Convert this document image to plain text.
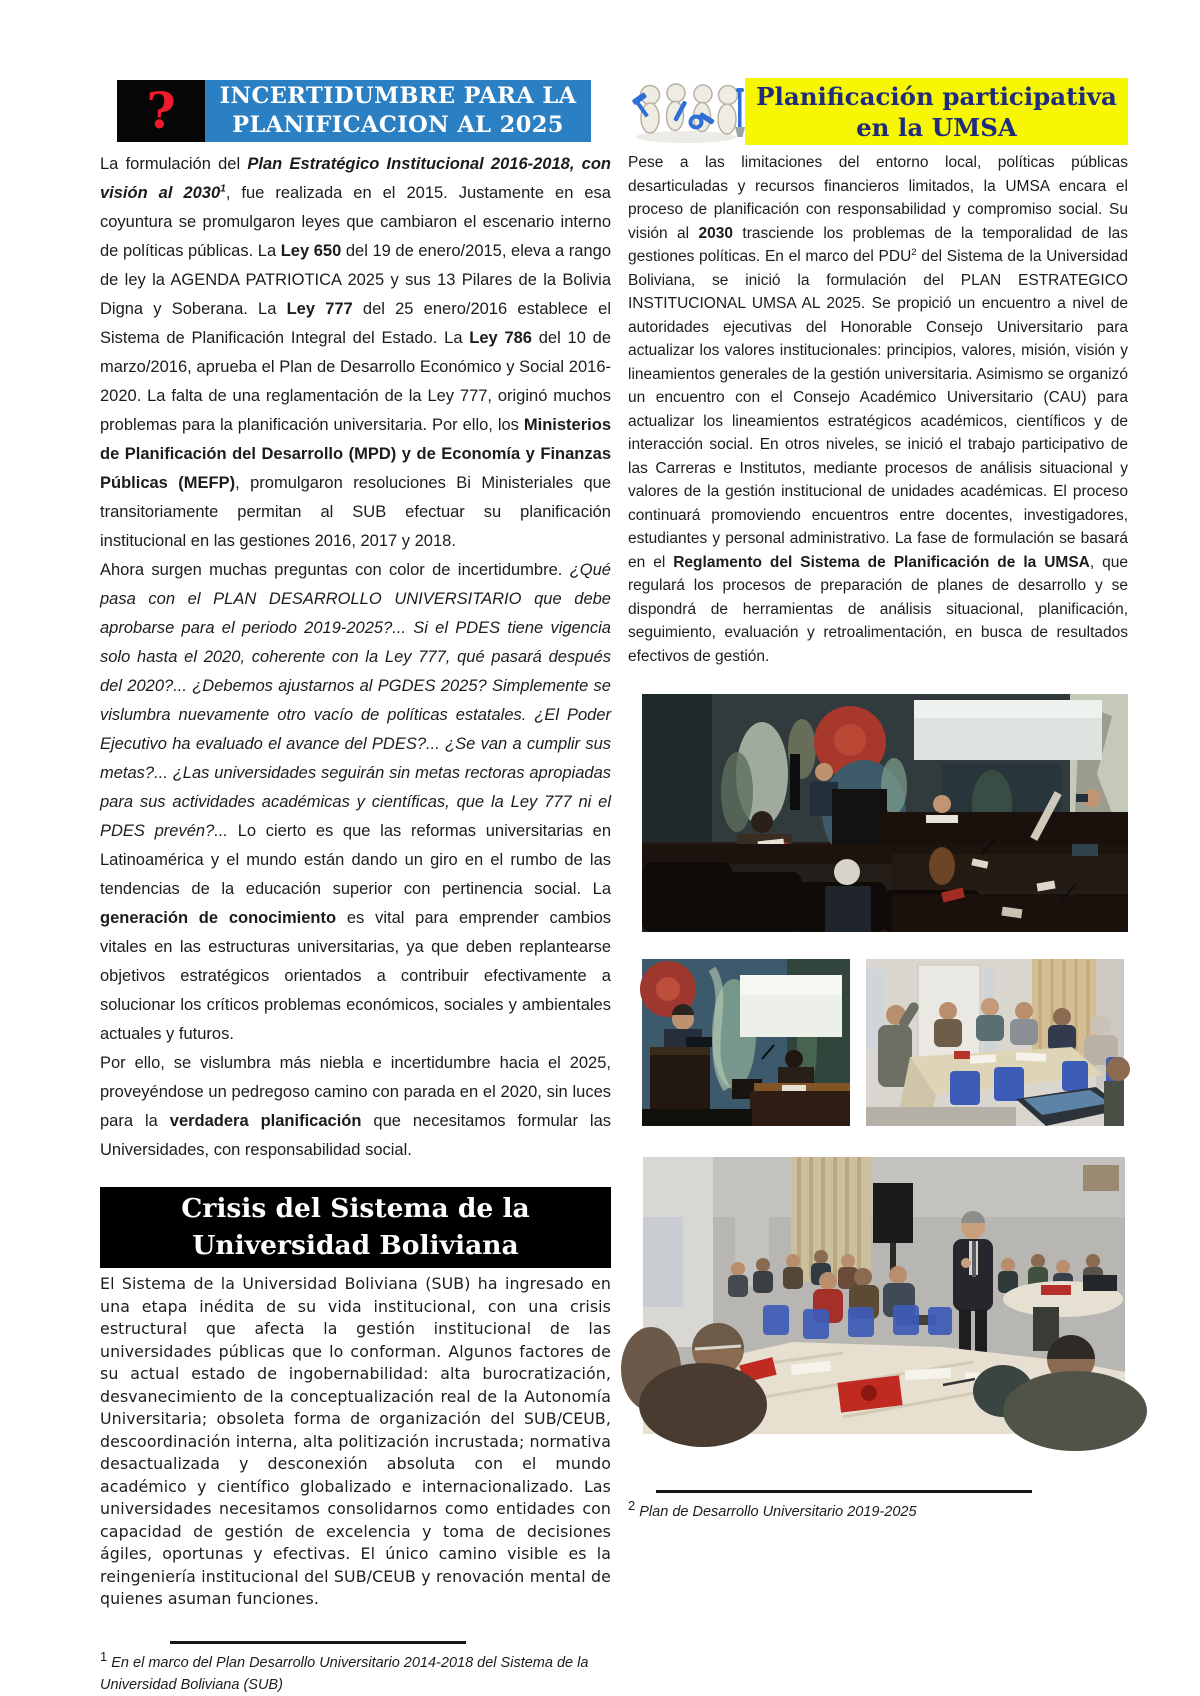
?	INCERTIDUMBRE PARA LA
PLANIFICACION AL 2025

La formulación del Plan Estratégico Institucional 2016-2018, con visión al 2030$^1$, fue realizada en el 2015. Justamente en esa coyuntura se promulgaron leyes que cambiaron el escenario interno de políticas públicas. La Ley 650 del 19 de enero/2015, eleva a rango de ley la AGENDA PATRIOTICA 2025 y sus 13 Pilares de la Bolivia Digna y Soberana. La Ley 777 del 25 enero/2016 establece el Sistema de Planificación Integral del Estado. La Ley 786 del 10 de marzo/2016, aprueba el Plan de Desarrollo Económico y Social 2016-2020. La falta de una reglamentación de la Ley 777, originó muchos problemas para la planificación universitaria. Por ello, los Ministerios de Planificación del Desarrollo (MPD) y de Economía y Finanzas Públicas (MEFP), promulgaron resoluciones Bi Ministeriales que transitoriamente permitan al SUB efectuar su planificación institucional en las gestiones 2016, 2017 y 2018.

Ahora surgen muchas preguntas con color de incertidumbre. ¿Qué pasa con el PLAN DESARROLLO UNIVERSITARIO que debe aprobarse para el periodo 2019-2025?... Si el PDES tiene vigencia solo hasta el 2020, coherente con la Ley 777, qué pasará después del 2020?... ¿Debemos ajustarnos al PGDES 2025? Simplemente se vislumbra nuevamente otro vacío de políticas estatales. ¿El Poder Ejecutivo ha evaluado el avance del PDES?... ¿Se van a cumplir sus metas?... ¿Las universidades seguirán sin metas rectoras apropiadas para sus actividades académicas y científicas, que la Ley 777 ni el PDES prevén?... Lo cierto es que las reformas universitarias en Latinoamérica y el mundo están dando un giro en el rumbo de las tendencias de la educación superior con pertinencia social. La generación de conocimiento es vital para emprender cambios vitales en las estructuras universitarias, ya que deben replantearse objetivos estratégicos orientados a contribuir efectivamente a solucionar los críticos problemas económicos, sociales y ambientales actuales y futuros.

Por ello, se vislumbra más niebla e incertidumbre hacia el 2025, proveyéndose un pedregoso camino con parada en el 2020, sin luces para la verdadera planificación que necesitamos formular las Universidades, con responsabilidad social.

Crisis del Sistema de la
Universidad Boliviana
El Sistema de la Universidad Boliviana (SUB) ha ingresado en una etapa inédita de su vida institucional, con una crisis estructural que afecta la gestión institucional de las universidades públicas que lo conforman. Algunos factores de su actual estado de ingobernabilidad: alta burocratización, desvanecimiento de la conceptualización real de la Autonomía Universitaria; obsoleta forma de organización del SUB/CEUB, descoordinación interna, alta politización incrustada; normativa desactualizada y desconexión absoluta con el mundo académico y científico globalizado e internacionalizado. Las universidades necesitamos consolidarnos como entidades con capacidad de gestión de excelencia y toma de decisiones ágiles, oportunas y efectivas. El único camino visible es la reingeniería institucional del SUB/CEUB y renovación mental de quienes asuman funciones.
$^1$ En el marco del Plan Desarrollo Universitario 2014-2018 del Sistema de la Universidad Boliviana (SUB)
Planificación participativa
en la UMSA
Pese a las limitaciones del entorno local, políticas públicas desarticuladas y recursos financieros limitados, la UMSA encara el proceso de planificación con responsabilidad y compromiso social. Su visión al 2030 trasciende los problemas de la temporalidad de las gestiones políticas. En el marco del PDU$^2$ del Sistema de la Universidad Boliviana, se inició la formulación del PLAN ESTRATEGICO INSTITUCIONAL UMSA AL 2025. Se propició un encuentro a nivel de autoridades ejecutivas del Honorable Consejo Universitario para actualizar los valores institucionales: principios, valores, misión, visión y lineamientos generales de la gestión universitaria. Asimismo se organizó un encuentro con el Consejo Académico Universitario (CAU) para actualizar los lineamientos estratégicos académicos, científicos y de interacción social. En otros niveles, se inició el trabajo participativo de las Carreras e Institutos, mediante procesos de análisis situacional y valores de la gestión institucional de unidades académicas. El proceso continuará promoviendo encuentros entre docentes, investigadores, estudiantes y personal administrativo. La fase de formulación se basará en el Reglamento del Sistema de Planificación de la UMSA, que regulará los procesos de preparación de planes de desarrollo y se dispondrá de herramientas de análisis situacional, planificación, seguimiento, evaluación y retroalimentación, en busca de resultados efectivos de gestión.
$^2$ Plan de Desarrollo Universitario 2019-2025
